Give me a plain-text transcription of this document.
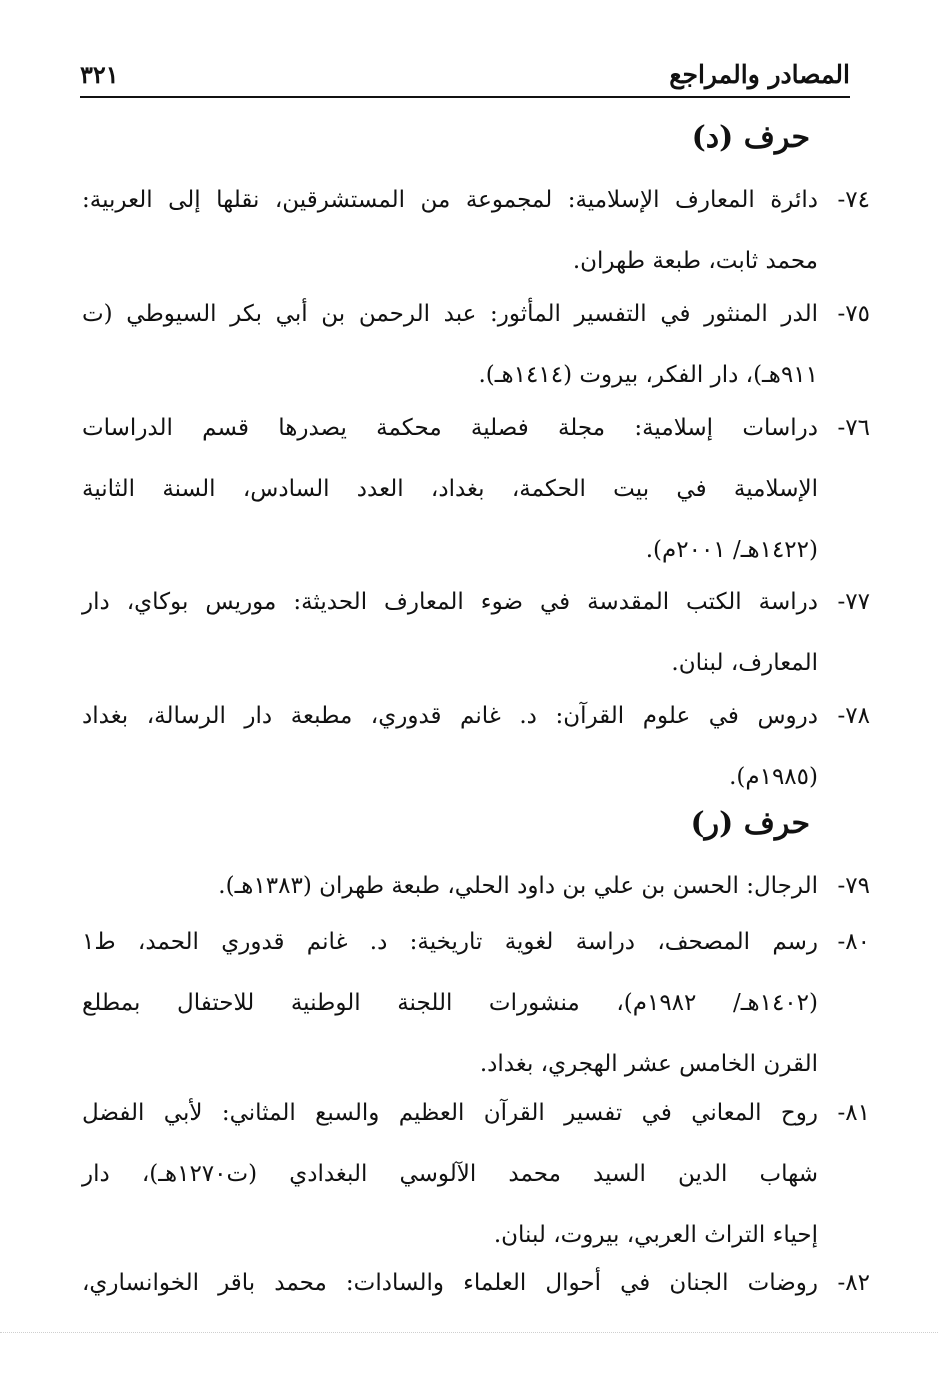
المصادر والمراجع
٣٢١
حرف (د)
٧٤-
دائرة المعارف الإسلامية: لمجموعة من المستشرقين، نقلها إلى العربية:
محمد ثابت، طبعة طهران.
٧٥-
الدر المنثور في التفسير المأثور: عبد الرحمن بن أبي بكر السيوطي (ت
٩١١هـ)، دار الفكر، بيروت (١٤١٤هـ).
٧٦-
دراسات إسلامية: مجلة فصلية محكمة يصدرها قسم الدراسات
الإسلامية في بيت الحكمة، بغداد، العدد السادس، السنة الثانية
(١٤٢٢هـ/ ٢٠٠١م).
٧٧-
دراسة الكتب المقدسة في ضوء المعارف الحديثة: موريس بوكاي، دار
المعارف، لبنان.
٧٨-
دروس في علوم القرآن: د. غانم قدوري، مطبعة دار الرسالة، بغداد
(١٩٨٥م).
حرف (ر)
٧٩-
الرجال: الحسن بن علي بن داود الحلي، طبعة طهران (١٣٨٣هـ).
٨٠-
رسم المصحف، دراسة لغوية تاريخية: د. غانم قدوري الحمد، ط١
(١٤٠٢هـ/ ١٩٨٢م)، منشورات اللجنة الوطنية للاحتفال بمطلع
القرن الخامس عشر الهجري، بغداد.
٨١-
روح المعاني في تفسير القرآن العظيم والسبع المثاني: لأبي الفضل
شهاب الدين السيد محمد الآلوسي البغدادي (ت١٢٧٠هـ)، دار
إحياء التراث العربي، بيروت، لبنان.
٨٢-
روضات الجنان في أحوال العلماء والسادات: محمد باقر الخوانساري،
